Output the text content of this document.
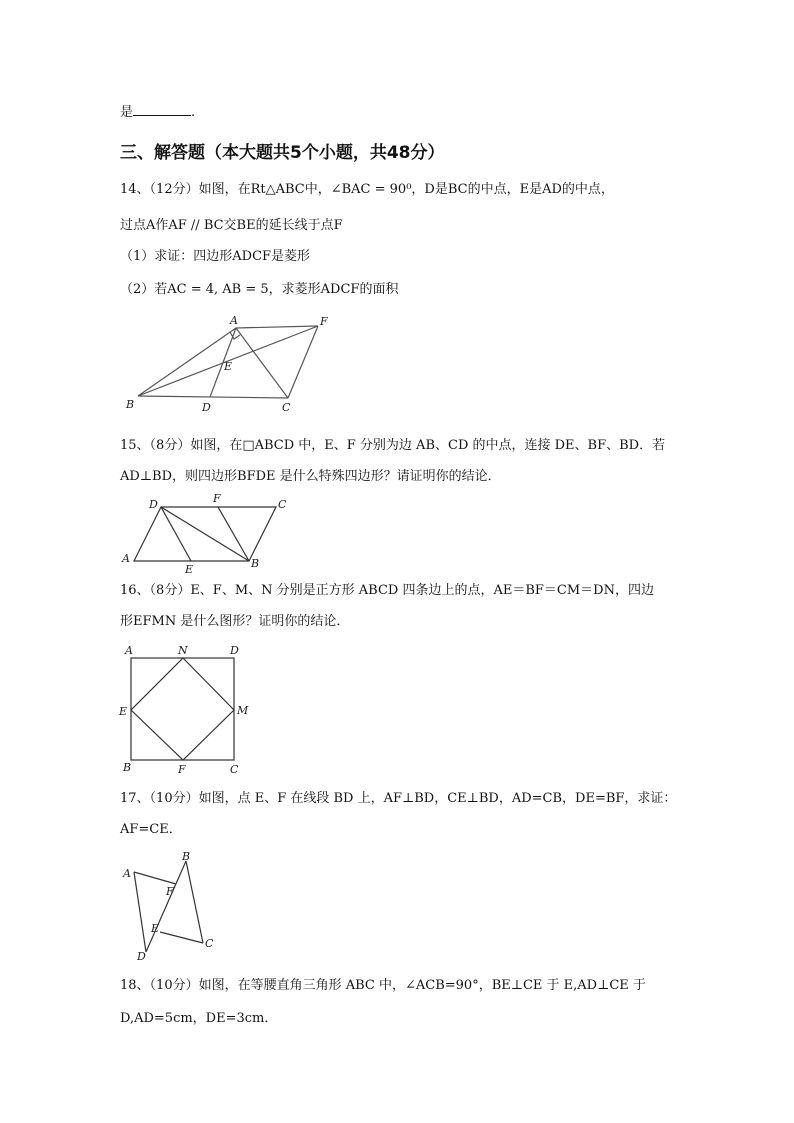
是	.
三、解答题（本大题共5个小题，共48分）
14、（12分）如图，在Rt△ABC中，∠BAC = 90⁰，D是BC的中点，E是AD的中点，
过点A作AF // BC交BE的延长线于点F
（1）求证：四边形ADCF是菱形
（2）若AC = 4, AB = 5，求菱形ADCF的面积
A	F
E
B	D	C
15、（8分）如图，在□ABCD 中，E、F 分别为边 AB、CD 的中点，连接 DE、BF、BD．若
AD⊥BD，则四边形BFDE 是什么特殊四边形？请证明你的结论．
D	F	C
A
E	B
16、（8分）E、F、M、N 分别是正方形 ABCD 四条边上的点，AE＝BF＝CM＝DN，四边
形EFMN 是什么图形？证明你的结论．
A	N	D
E	M
B	F	C
17、（10分）如图，点 E、F 在线段 BD 上，AF⊥BD，CE⊥BD，AD=CB，DE=BF，求证：
AF=CE．
A
B
F
E
C
D
18、（10分）如图，在等腰直角三角形 ABC 中，∠ACB=90°，BE⊥CE 于 E,AD⊥CE 于
D,AD=5cm，DE=3cm．
